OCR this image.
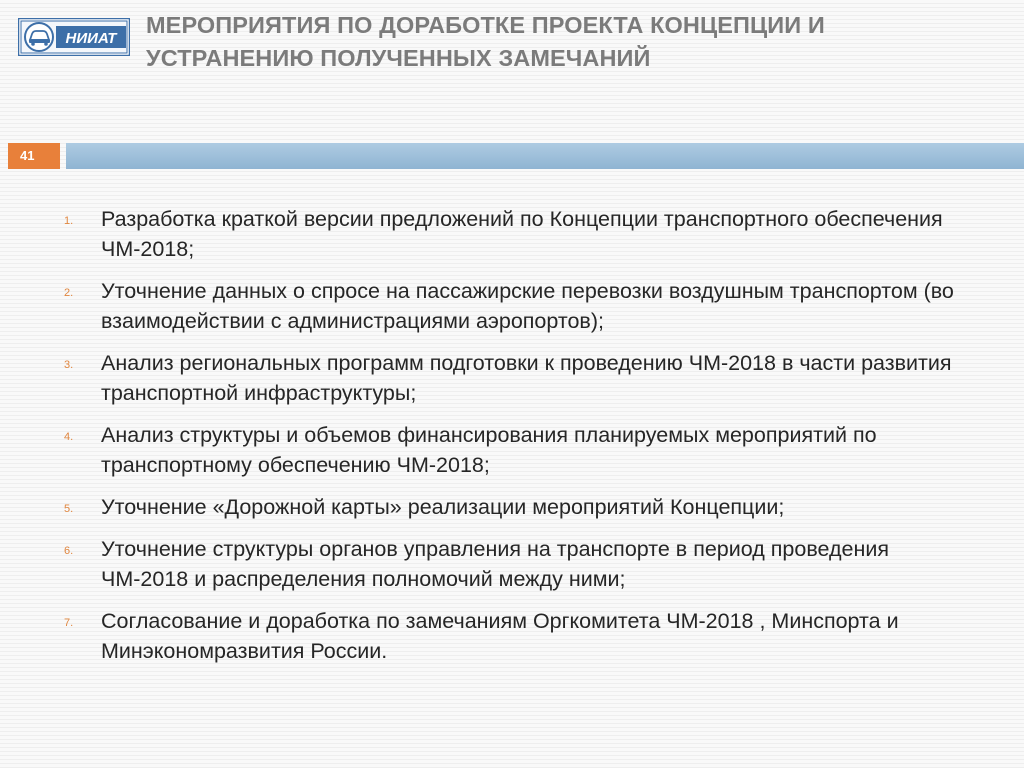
НИИАТ
МЕРОПРИЯТИЯ ПО ДОРАБОТКЕ ПРОЕКТА КОНЦЕПЦИИ И УСТРАНЕНИЮ ПОЛУЧЕННЫХ ЗАМЕЧАНИЙ
41
1. Разработка краткой версии предложений по Концепции транспортного обеспечения ЧМ-2018;
2. Уточнение данных о спросе на пассажирские перевозки воздушным транспортом (во взаимодействии с администрациями аэропортов);
3. Анализ региональных программ подготовки к проведению ЧМ-2018 в части развития транспортной инфраструктуры;
4. Анализ структуры и объемов финансирования планируемых мероприятий по транспортному обеспечению ЧМ-2018;
5. Уточнение «Дорожной карты» реализации мероприятий Концепции;
6. Уточнение структуры органов управления на транспорте в период проведения ЧМ-2018 и распределения полномочий между ними;
7. Согласование и доработка по замечаниям Оргкомитета ЧМ-2018 , Минспорта и Минэкономразвития России.
